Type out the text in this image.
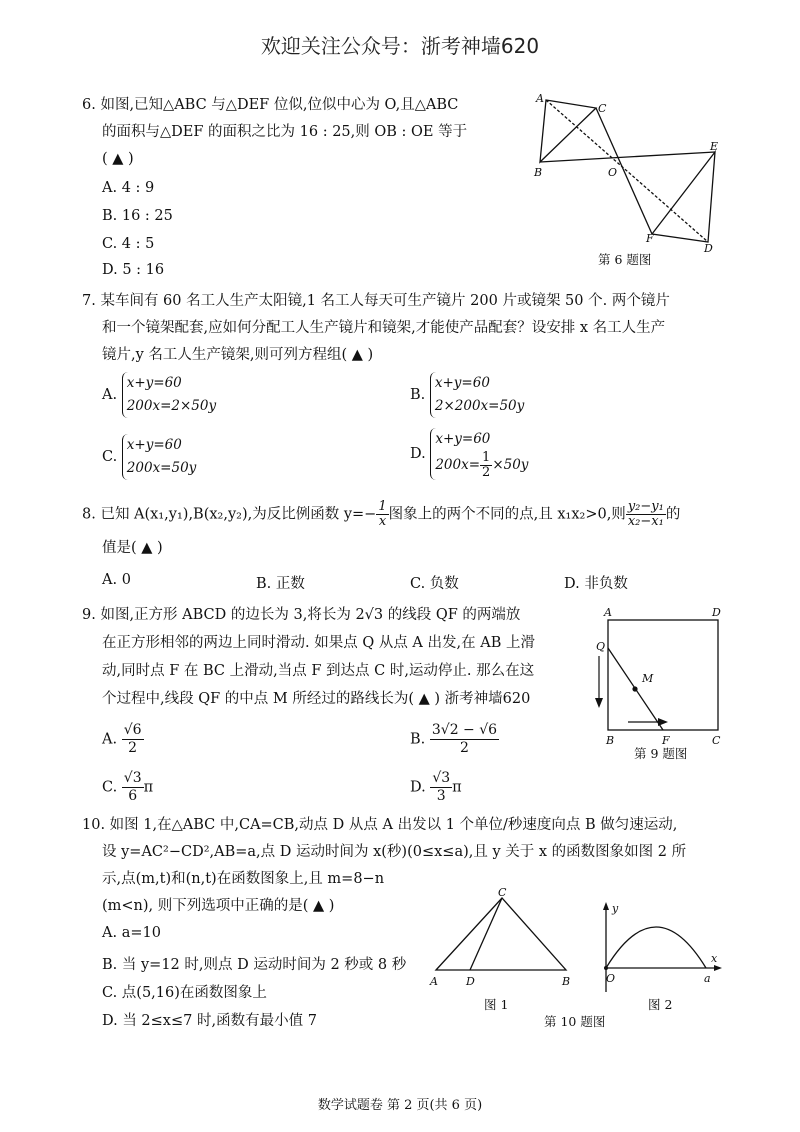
欢迎关注公众号：浙考神墙620
6. 如图,已知△ABC 与△DEF 位似,位似中心为 O,且△ABC
的面积与△DEF 的面积之比为 16 : 25,则 OB : OE 等于
( ▲ )
A. 4 : 9
B. 16 : 25
C. 4 : 5
D. 5 : 16
A
C
B	O
E
F
D
第 6 题图
7. 某车间有 60 名工人生产太阳镜,1 名工人每天可生产镜片 200 片或镜架 50 个. 两个镜片
和一个镜架配套,应如何分配工人生产镜片和镜架,才能使产品配套？设安排 x 名工人生产
镜片,y 名工人生产镜架,则可列方程组( ▲ )
A.
x+y=60
200x=2×50y
B.
x+y=60
2×200x=50y
C.
x+y=60
200x=50y
D.
x+y=60
$200x= \frac{1}{2} \times 50y$
8. 已知 A(x₁,y₁),B(x₂,y₂),为反比例函数 $y=- \frac{1}{x}$ 图象上的两个不同的点,且 x₁x₂>0,则 $\frac{\text{y₂−y₁}}{\text{x₂−x₁}}$ 的
值是( ▲ )
A. 0	B. 正数	C. 负数	D. 非负数
9. 如图,正方形 ABCD 的边长为 3,将长为 2√3 的线段 QF 的两端放
在正方形相邻的两边上同时滑动. 如果点 Q 从点 A 出发,在 AB 上滑
动,同时点 F 在 BC 上滑动,当点 F 到达点 C 时,运动停止. 那么在这
个过程中,线段 QF 的中点 M 所经过的路线长为( ▲ ) 浙考神墙620
A. $\frac{√6}{2}$	B. $\frac{3√2 - √6}{2}$
C. $\frac{√3}{6}$ π	D. $\frac{√3}{3}$ π
A	D
Q
M
B	F	C
第 9 题图
10. 如图 1,在△ABC 中,CA=CB,动点 D 从点 A 出发以 1 个单位/秒速度向点 B 做匀速运动,
设 y=AC²−CD²,AB=a,点 D 运动时间为 x(秒)(0≤x≤a),且 y 关于 x 的函数图象如图 2 所
示,点(m,t)和(n,t)在函数图象上,且 m=8−n
(m<n), 则下列选项中正确的是( ▲ )
A. a=10
B. 当 y=12 时,则点 D 运动时间为 2 秒或 8 秒
C. 点(5,16)在函数图象上
D. 当 2≤x≤7 时,函数有最小值 7
C
A	D	B
图 1
y
x
O	a
图 2
第 10 题图
数学试题卷 第 2 页(共 6 页)
